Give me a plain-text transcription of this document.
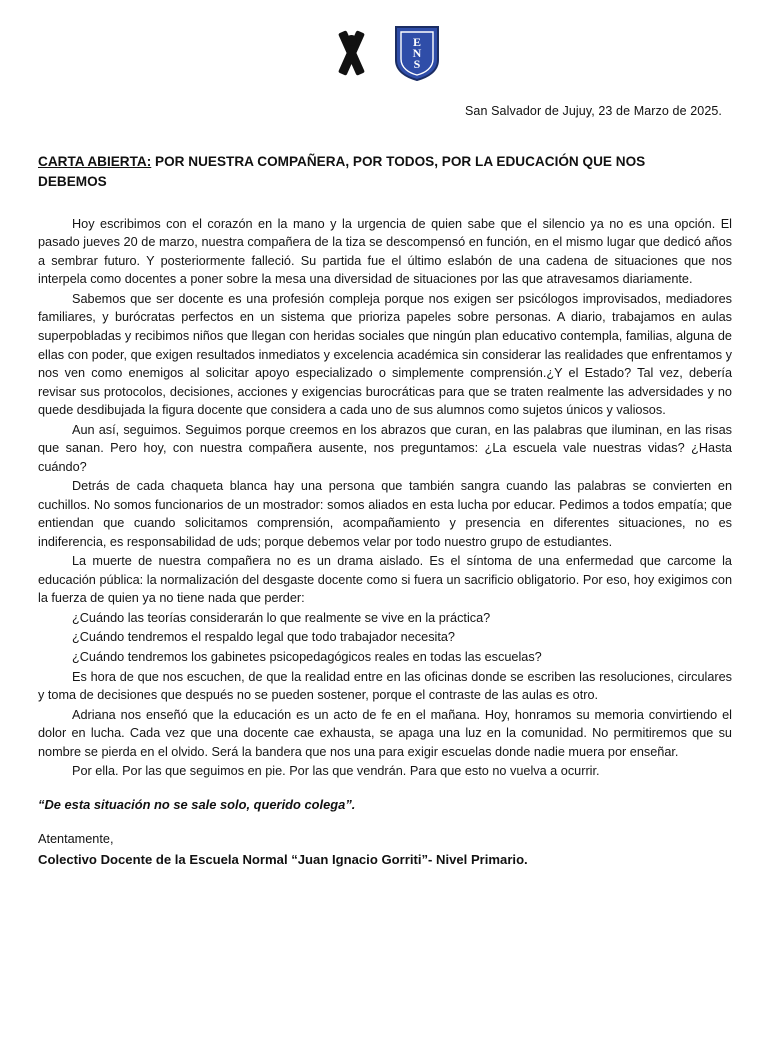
E
N
S
San Salvador de Jujuy, 23 de Marzo de 2025.
CARTA ABIERTA: POR NUESTRA COMPAÑERA, POR TODOS, POR LA EDUCACIÓN QUE NOS DEBEMOS

Hoy escribimos con el corazón en la mano y la urgencia de quien sabe que el silencio ya no es una opción. El pasado jueves 20 de marzo, nuestra compañera de la tiza se descompensó en función, en el mismo lugar que dedicó años a sembrar futuro. Y posteriormente falleció. Su partida fue el último eslabón de una cadena de situaciones que nos interpela como docentes a poner sobre la mesa una diversidad de situaciones por las que atravesamos diariamente.

Sabemos que ser docente es una profesión compleja porque nos exigen ser psicólogos improvisados, mediadores familiares, y burócratas perfectos en un sistema que prioriza papeles sobre personas. A diario, trabajamos en aulas superpobladas y recibimos niños que llegan con heridas sociales que ningún plan educativo contempla, familias, alguna de ellas con poder, que exigen resultados inmediatos y excelencia académica sin considerar las realidades que enfrentamos y nos ven como enemigos al solicitar apoyo especializado o simplemente comprensión.¿Y el Estado? Tal vez, debería revisar sus protocolos, decisiones, acciones y exigencias burocráticas para que se traten realmente las adversidades y no quede desdibujada la figura docente que considera a cada uno de sus alumnos como sujetos únicos y valiosos.

Aun así, seguimos. Seguimos porque creemos en los abrazos que curan, en las palabras que iluminan, en las risas que sanan. Pero hoy, con nuestra compañera ausente, nos preguntamos: ¿La escuela vale nuestras vidas? ¿Hasta cuándo?

Detrás de cada chaqueta blanca hay una persona que también sangra cuando las palabras se convierten en cuchillos. No somos funcionarios de un mostrador: somos aliados en esta lucha por educar. Pedimos a todos empatía; que entiendan que cuando solicitamos comprensión, acompañamiento y presencia en diferentes situaciones, no es indiferencia, es responsabilidad de uds; porque debemos velar por todo nuestro grupo de estudiantes.

La muerte de nuestra compañera no es un drama aislado. Es el síntoma de una enfermedad que carcome la educación pública: la normalización del desgaste docente como si fuera un sacrificio obligatorio. Por eso, hoy exigimos con la fuerza de quien ya no tiene nada que perder:

¿Cuándo las teorías considerarán lo que realmente se vive en la práctica?

¿Cuándo tendremos el respaldo legal que todo trabajador necesita?

¿Cuándo tendremos los gabinetes psicopedagógicos reales en todas las escuelas?

Es hora de que nos escuchen, de que la realidad entre en las oficinas donde se escriben las resoluciones, circulares y toma de decisiones que después no se pueden sostener, porque el contraste de las aulas es otro.

Adriana nos enseñó que la educación es un acto de fe en el mañana. Hoy, honramos su memoria convirtiendo el dolor en lucha. Cada vez que una docente cae exhausta, se apaga una luz en la comunidad. No permitiremos que su nombre se pierda en el olvido. Será la bandera que nos una para exigir escuelas donde nadie muera por enseñar.

Por ella. Por las que seguimos en pie. Por las que vendrán. Para que esto no vuelva a ocurrir.

“De esta situación no se sale solo, querido colega”.
Atentamente,
Colectivo Docente de la Escuela Normal “Juan Ignacio Gorriti”- Nivel Primario.
